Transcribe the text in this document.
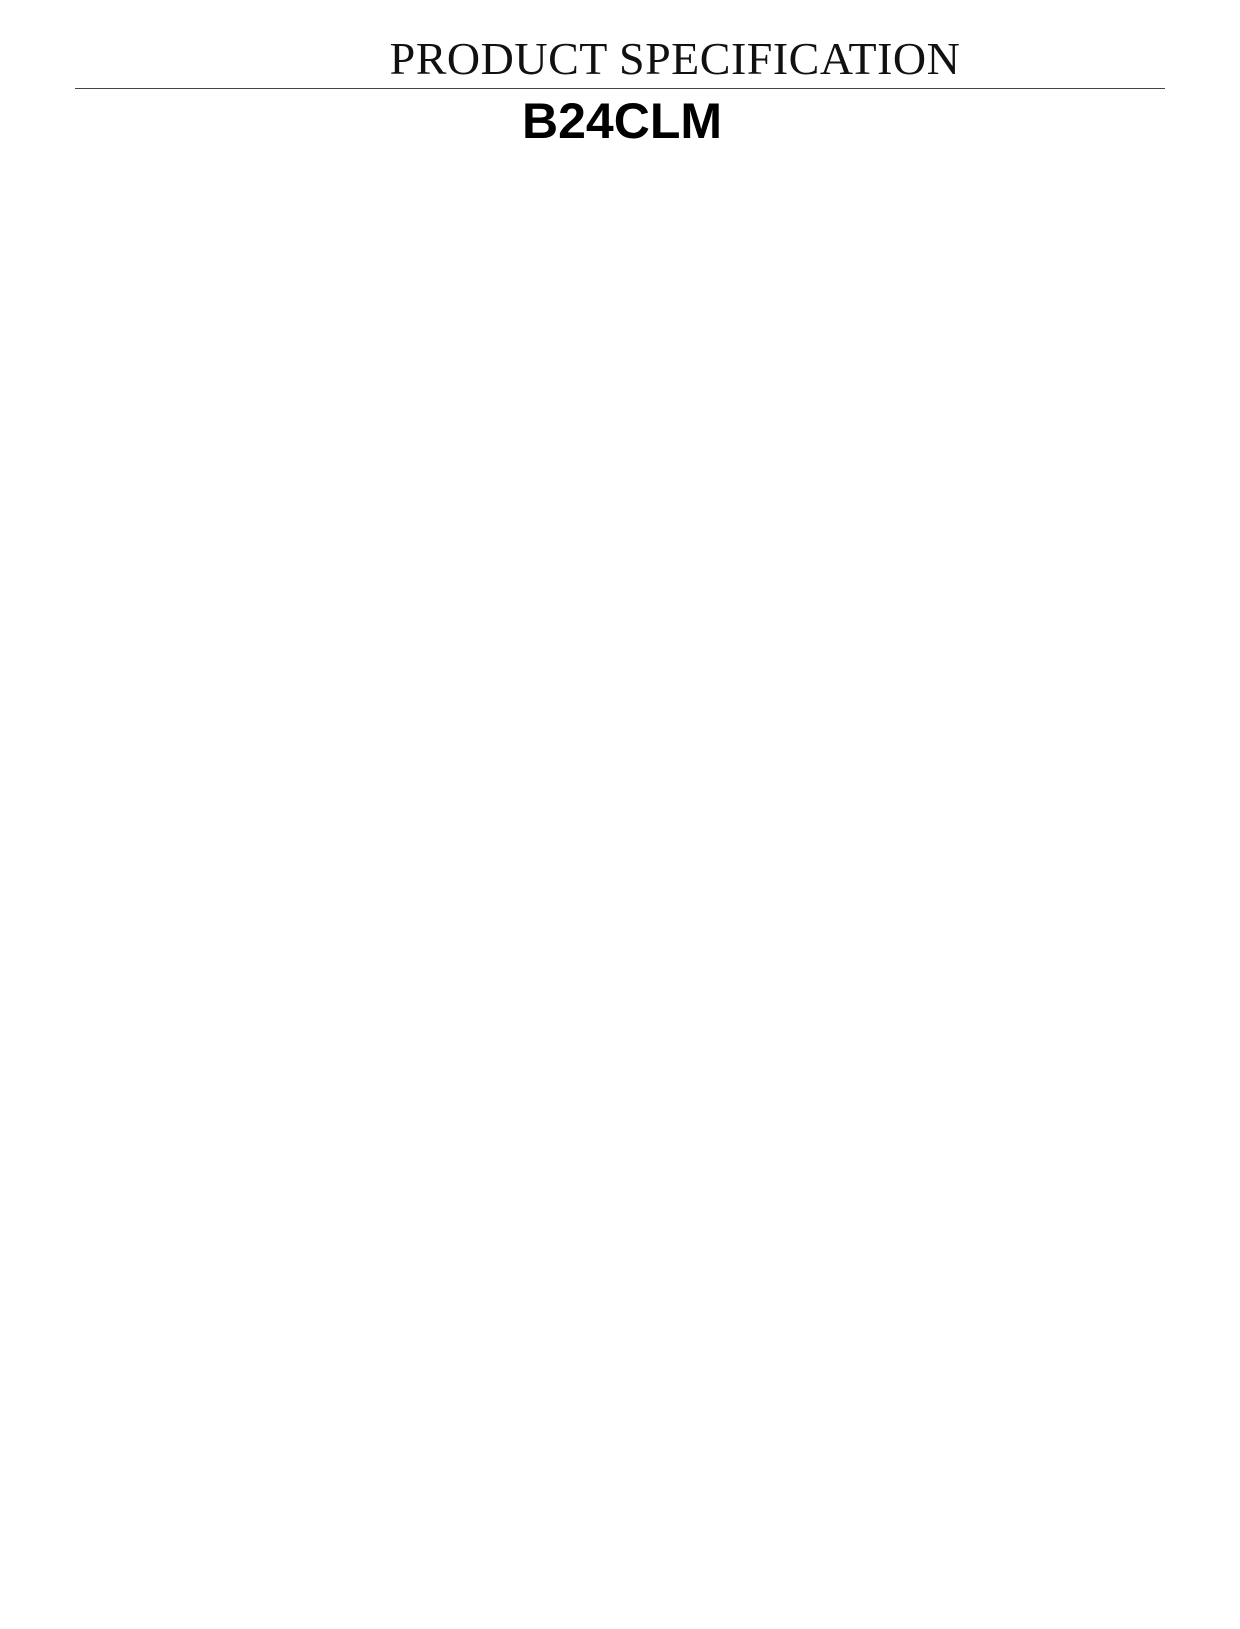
PRODUCT SPECIFICATION
B24CLM
